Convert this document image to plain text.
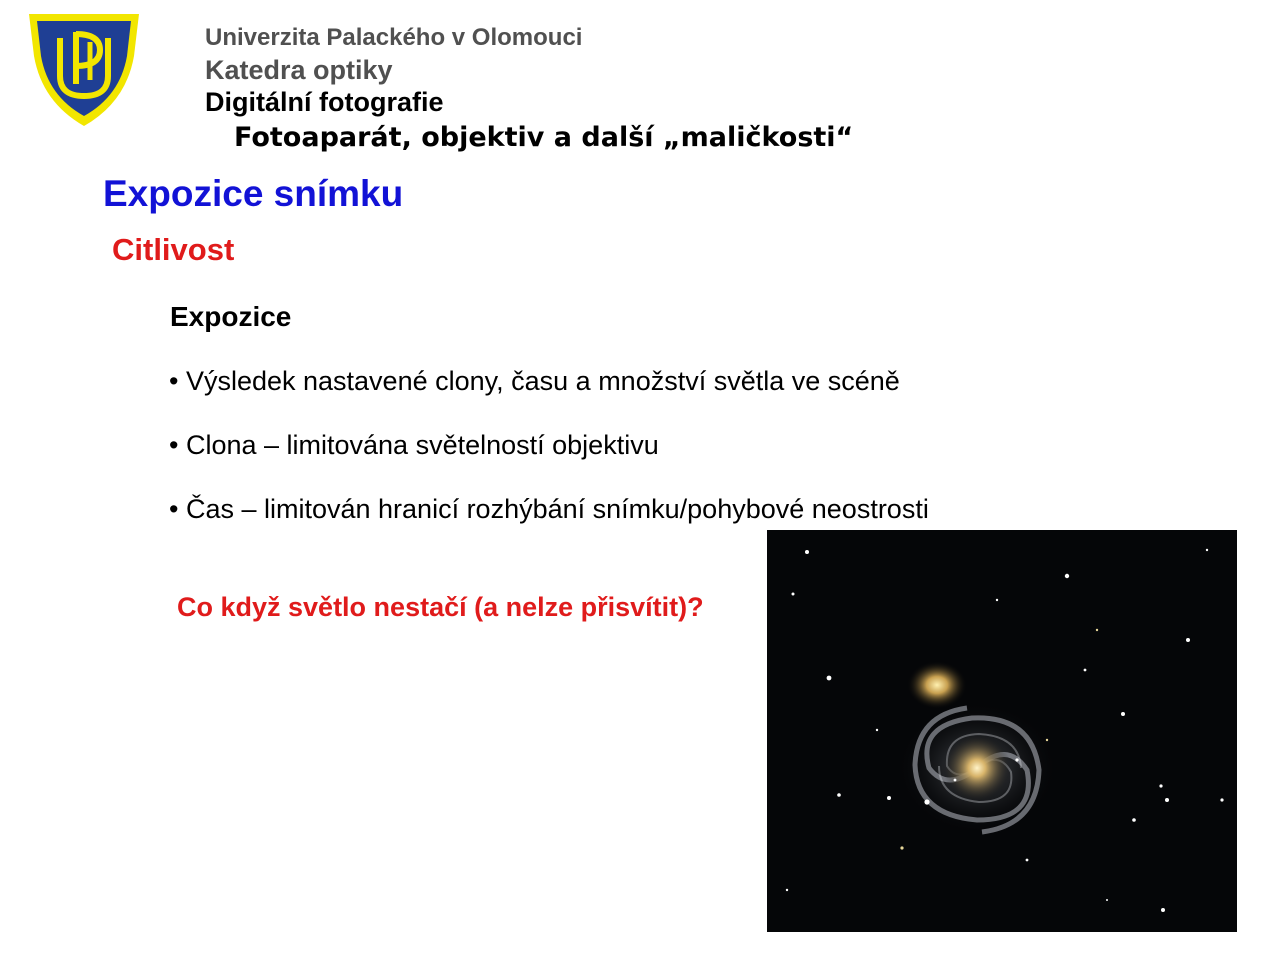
Univerzita Palackého v Olomouci
Katedra optiky
Digitální fotografie
Fotoaparát, objektiv a další „maličkosti“
Expozice snímku
Citlivost
Expozice
• Výsledek nastavené clony, času a množství světla ve scéně
• Clona – limitována světelností objektivu
• Čas – limitován hranicí rozhýbání snímku/pohybové neostrosti
Co když světlo nestačí (a nelze přisvítit)?
